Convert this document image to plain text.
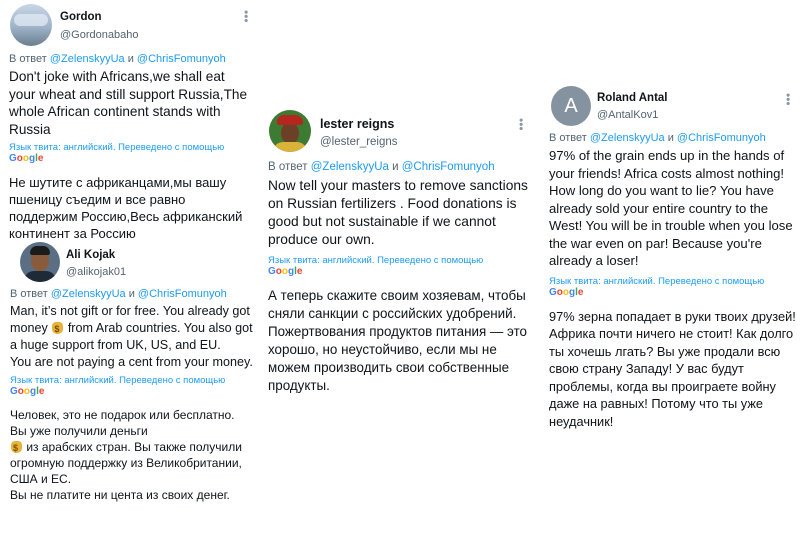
Gordon
@Gordonabaho
•••
В ответ @ZelenskyyUa и @ChrisFomunyoh
Don't joke with Africans,we shall eat your wheat and still support Russia,The whole African continent stands with Russia
Язык твита: английский. Переведено с помощью
Google
Не шутите с африканцами,мы вашу пшеницу съедим и все равно поддержим Россию,Весь африканский континент за Россию
Ali Kojak
@alikojak01
В ответ @ZelenskyyUa и @ChrisFomunyoh
Man, it’s not gift or for free. You already got money $ from Arab countries. You also got a huge support from UK, US, and EU.
You are not paying a cent from your money.
Язык твита: английский. Переведено с помощью
Google
Человек, это не подарок или бесплатно. Вы уже получили деньги
$ из арабских стран. Вы также получили огромную поддержку из Великобритании, США и ЕС.
Вы не платите ни цента из своих денег.
lester reigns
@lester_reigns
•••
В ответ @ZelenskyyUa и @ChrisFomunyoh
Now tell your masters to remove sanctions on Russian fertilizers . Food donations is good but not sustainable if we cannot produce our own.
Язык твита: английский. Переведено с помощью
Google
А теперь скажите своим хозяевам, чтобы сняли санкции с российских удобрений. Пожертвования продуктов питания — это хорошо, но неустойчиво, если мы не можем производить свои собственные продукты.
A	Roland Antal
@AntalKov1
•••
В ответ @ZelenskyyUa и @ChrisFomunyoh
97% of the grain ends up in the hands of your friends! Africa costs almost nothing! How long do you want to lie? You have already sold your entire country to the West! You will be in trouble when you lose the war even on par! Because you're already a loser!
Язык твита: английский. Переведено с помощью
Google
97% зерна попадает в руки твоих друзей! Африка почти ничего не стоит! Как долго ты хочешь лгать? Вы уже продали всю свою страну Западу! У вас будут проблемы, когда вы проиграете войну даже на равных! Потому что ты уже неудачник!
